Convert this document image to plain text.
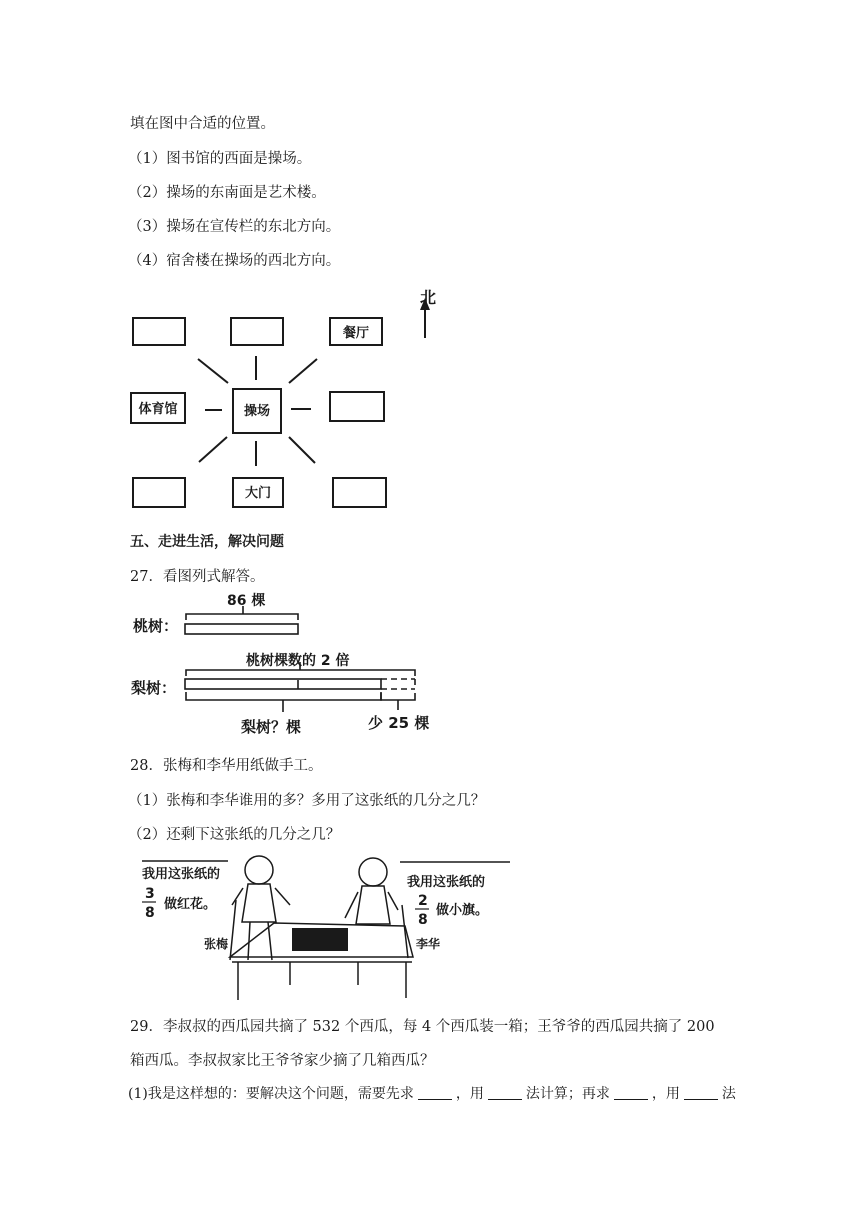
填在图中合适的位置。
（1）图书馆的西面是操场。
（2）操场的东南面是艺术楼。
（3）操场在宣传栏的东北方向。
（4）宿舍楼在操场的西北方向。
北
餐厅
体育馆	操场
大门
五、走进生活，解决问题
27．看图列式解答。
桃树：
86 棵
桃树棵数的 2 倍
梨树：
梨树？棵	少 25 棵
28．张梅和李华用纸做手工。
（1）张梅和李华谁用的多？多用了这张纸的几分之几？
（2）还剩下这张纸的几分之几？
我用这张纸的
3
8
做红花。
张梅
我用这张纸的
2
8
做小旗。
李华
29．李叔叔的西瓜园共摘了 532 个西瓜，每 4 个西瓜装一箱；王爷爷的西瓜园共摘了 200
箱西瓜。李叔叔家比王爷爷家少摘了几箱西瓜？
(1)我是这样想的：要解决这个问题，需要先求	，用	法计算；再求	，用	法
